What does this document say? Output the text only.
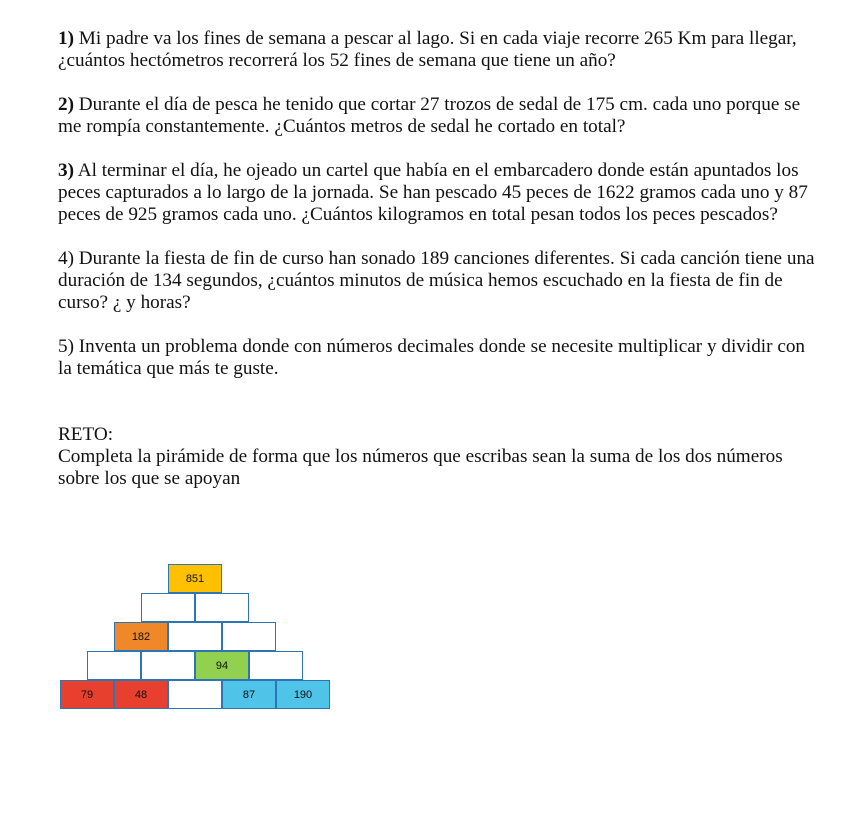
1) Mi padre va los fines de semana a pescar al lago. Si en cada viaje recorre 265 Km para llegar, ¿cuántos hectómetros recorrerá los 52 fines de semana que tiene un año?

2) Durante el día de pesca he tenido que cortar 27 trozos de sedal de 175 cm. cada uno porque se me rompía constantemente. ¿Cuántos metros de sedal he cortado en total?

3) Al terminar el día, he ojeado un cartel que había en el embarcadero donde están apuntados los peces capturados a lo largo de la jornada. Se han pescado 45 peces de 1622 gramos cada uno y 87 peces de 925 gramos cada uno. ¿Cuántos kilogramos en total pesan todos los peces pescados?

4) Durante la fiesta de fin de curso han sonado 189 canciones diferentes. Si cada canción tiene una duración de 134 segundos, ¿cuántos minutos de música hemos escuchado en la fiesta de fin de curso? ¿ y horas?

5) Inventa un problema donde con números decimales donde se necesite multiplicar y dividir con la temática que más te guste.

RETO:
Completa la pirámide de forma que los números que escribas sean la suma de los dos números sobre los que se apoyan
851
182
94
79	48	87	190
